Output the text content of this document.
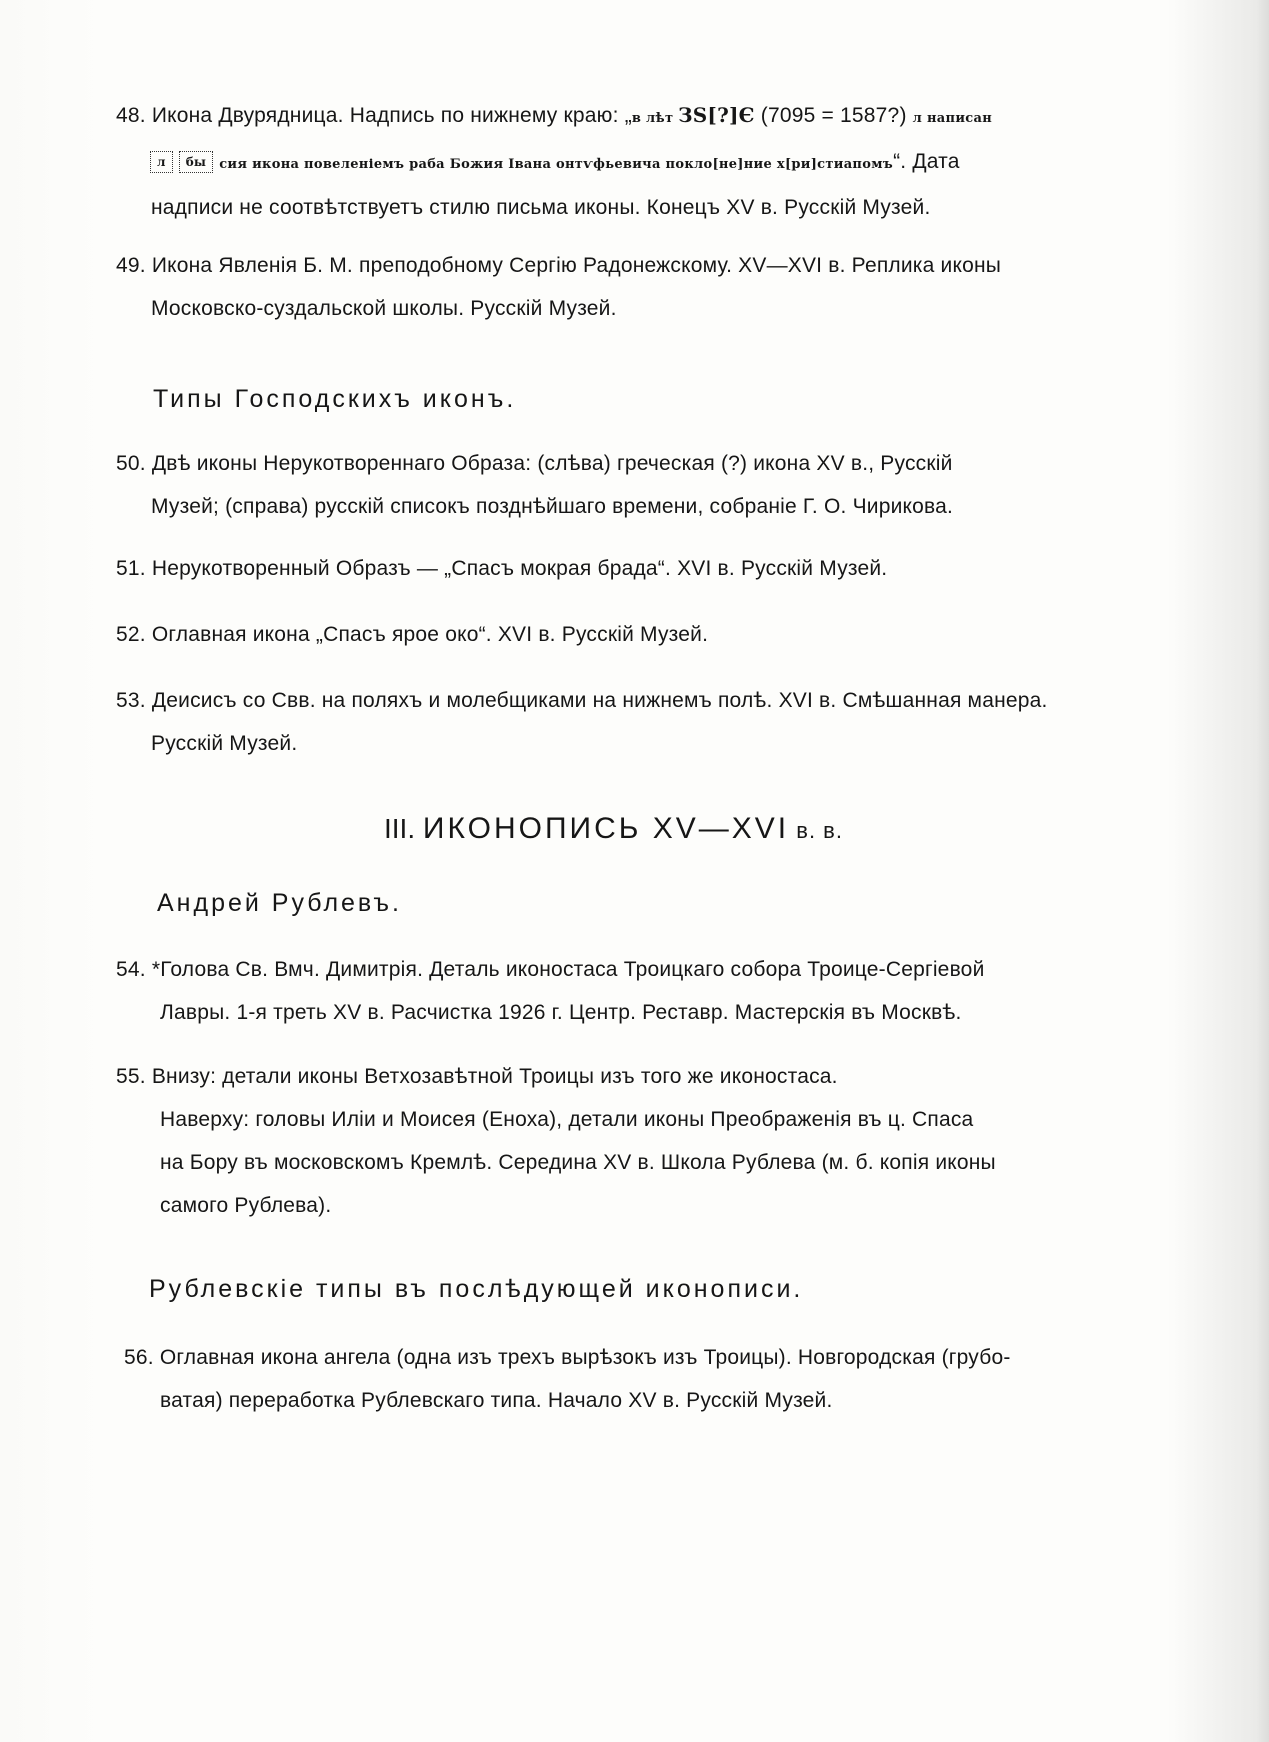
48. Икона Двурядница. Надпись по нижнему краю: „в лѣт ЗЅ[?]Є (7095 = 1587?) л написан
л бы сия икона повеленіемъ раба Божия Івана онтѵфьевича покло[не]ние х[ри]стиапомъ“. Дата
надписи не соотвѣтствуетъ стилю письма иконы. Конецъ XV в. Русскій Музей.
49. Икона Явленія Б. М. преподобному Сергію Радонежскому. XV—XVI в. Реплика иконы
Московско-суздальской школы. Русскій Музей.
Типы Господскихъ иконъ.
50. Двѣ иконы Нерукотвореннаго Образа: (слѣва) греческая (?) икона XV в., Русскій
Музей; (справа) русскій списокъ позднѣйшаго времени, собраніе Г. О. Чирикова.
51. Нерукотворенный Образъ — „Спасъ мокрая брада“. XVI в. Русскій Музей.
52. Оглавная икона „Спасъ ярое око“. XVI в. Русскій Музей.
53. Деисисъ со Свв. на поляхъ и молебщиками на нижнемъ полѣ. XVI в. Смѣшанная манера.
Русскій Музей.
III. ИКОНОПИСЬ XV—XVI в. в.
Андрей Рублевъ.
54. *Голова Св. Вмч. Димитрія. Деталь иконостаса Троицкаго собора Троице-Сергіевой
Лавры. 1-я треть XV в. Расчистка 1926 г. Центр. Реставр. Мастерскія въ Москвѣ.
55. Внизу: детали иконы Ветхозавѣтной Троицы изъ того же иконостаса.
Наверху: головы Иліи и Моисея (Еноха), детали иконы Преображенія въ ц. Спаса
на Бору въ московскомъ Кремлѣ. Середина XV в. Школа Рублева (м. б. копія иконы
самого Рублева).
Рублевскіе типы въ послѣдующей иконописи.
56. Оглавная икона ангела (одна изъ трехъ вырѣзокъ изъ Троицы). Новгородская (грубо-
ватая) переработка Рублевскаго типа. Начало XV в. Русскій Музей.
